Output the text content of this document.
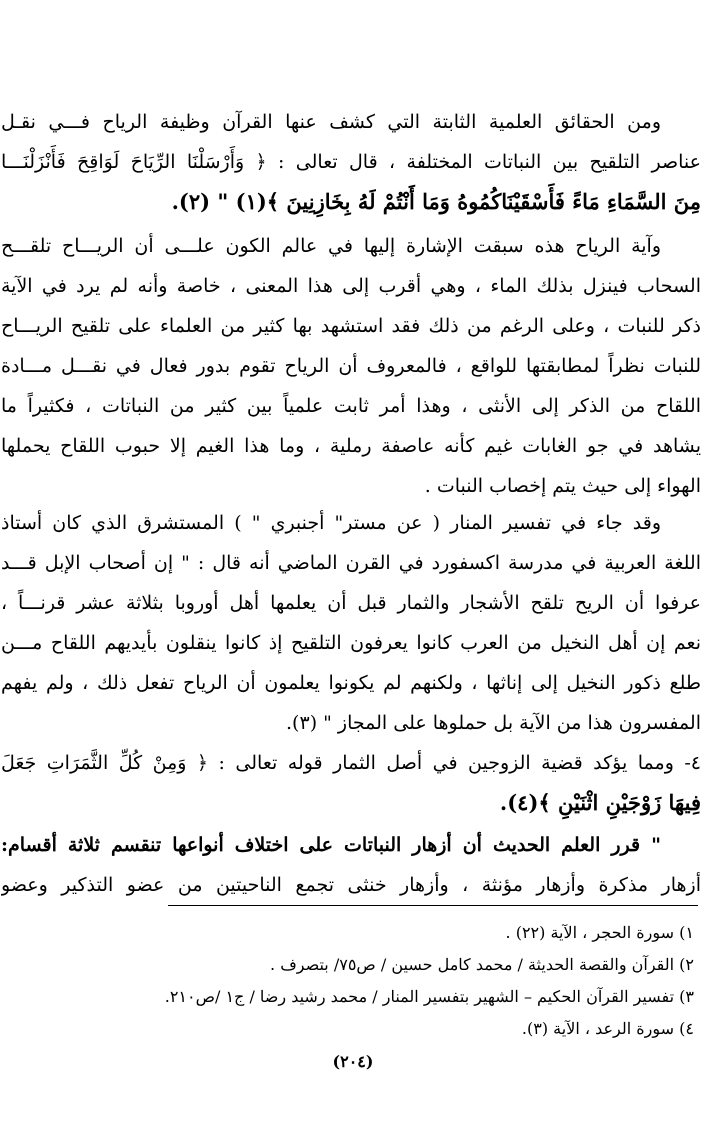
ومن الحقائق العلمية الثابتة التي كشف عنها القرآن وظيفة الرياح فـــي نقـل
عناصر التلقيح بين النباتات المختلفة ، قال تعالى : ﴿ وَأَرْسَلْنَا الرِّيَاحَ لَوَاقِحَ فَأَنْزَلْنَـــا
مِنَ السَّمَاءِ مَاءً فَأَسْقَيْنَاكُمُوهُ وَمَا أَنْتُمْ لَهُ بِخَازِنِينَ ﴾(١) " (٢).
وآية الرياح هذه سبقت الإشارة إليها في عالم الكون علـــى أن الريـــاح تلقـــح
السحاب فينزل بذلك الماء ، وهي أقرب إلى هذا المعنى ، خاصة وأنه لم يرد في الآية
ذكر للنبات ، وعلى الرغم من ذلك فقد استشهد بها كثير من العلماء على تلقيح الريـــاح
للنبات نظراً لمطابقتها للواقع ، فالمعروف أن الرياح تقوم بدور فعال في نقـــل مـــادة
اللقاح من الذكر إلى الأنثى ، وهذا أمر ثابت علمياً بين كثير من النباتات ، فكثيراً ما
يشاهد في جو الغابات غيم كأنه عاصفة رملية ، وما هذا الغيم إلا حبوب اللقاح يحملها
الهواء إلى حيث يتم إخصاب النبات .
وقد جاء في تفسير المنار ( عن مستر" أجنبري " ) المستشرق الذي كان أستاذ
اللغة العربية في مدرسة اكسفورد في القرن الماضي أنه قال : " إن أصحاب الإبل قـــد
عرفوا أن الريح تلقح الأشجار والثمار قبل أن يعلمها أهل أوروبا بثلاثة عشر قرنـــاً ،
نعم إن أهل النخيل من العرب كانوا يعرفون التلقيح إذ كانوا ينقلون بأيديهم اللقاح مـــن
طلع ذكور النخيل إلى إناثها ، ولكنهم لم يكونوا يعلمون أن الرياح تفعل ذلك ، ولم يفهم
المفسرون هذا من الآية بل حملوها على المجاز " (٣).
٤- ومما يؤكد قضية الزوجين في أصل الثمار قوله تعالى : ﴿ وَمِنْ كُلِّ الثَّمَرَاتِ جَعَلَ
فِيهَا زَوْجَيْنِ اثْنَيْنِ ﴾(٤).
" قرر العلم الحديث أن أزهار النباتات على اختلاف أنواعها تنقسم ثلاثة أقسام:
أزهار مذكرة وأزهار مؤنثة ، وأزهار خنثى تجمع الناحيتين من عضو التذكير وعضو
١) سورة الحجر ، الآية (٢٢) .
٢) القرآن والقصة الحديثة / محمد كامل حسين / ص٧٥/ بتصرف .
٣) تفسير القرآن الحكيم – الشهير بتفسير المنار / محمد رشيد رضا / ج١ /ص٢١٠.
٤) سورة الرعد ، الآية (٣).
(٢٠٤)
